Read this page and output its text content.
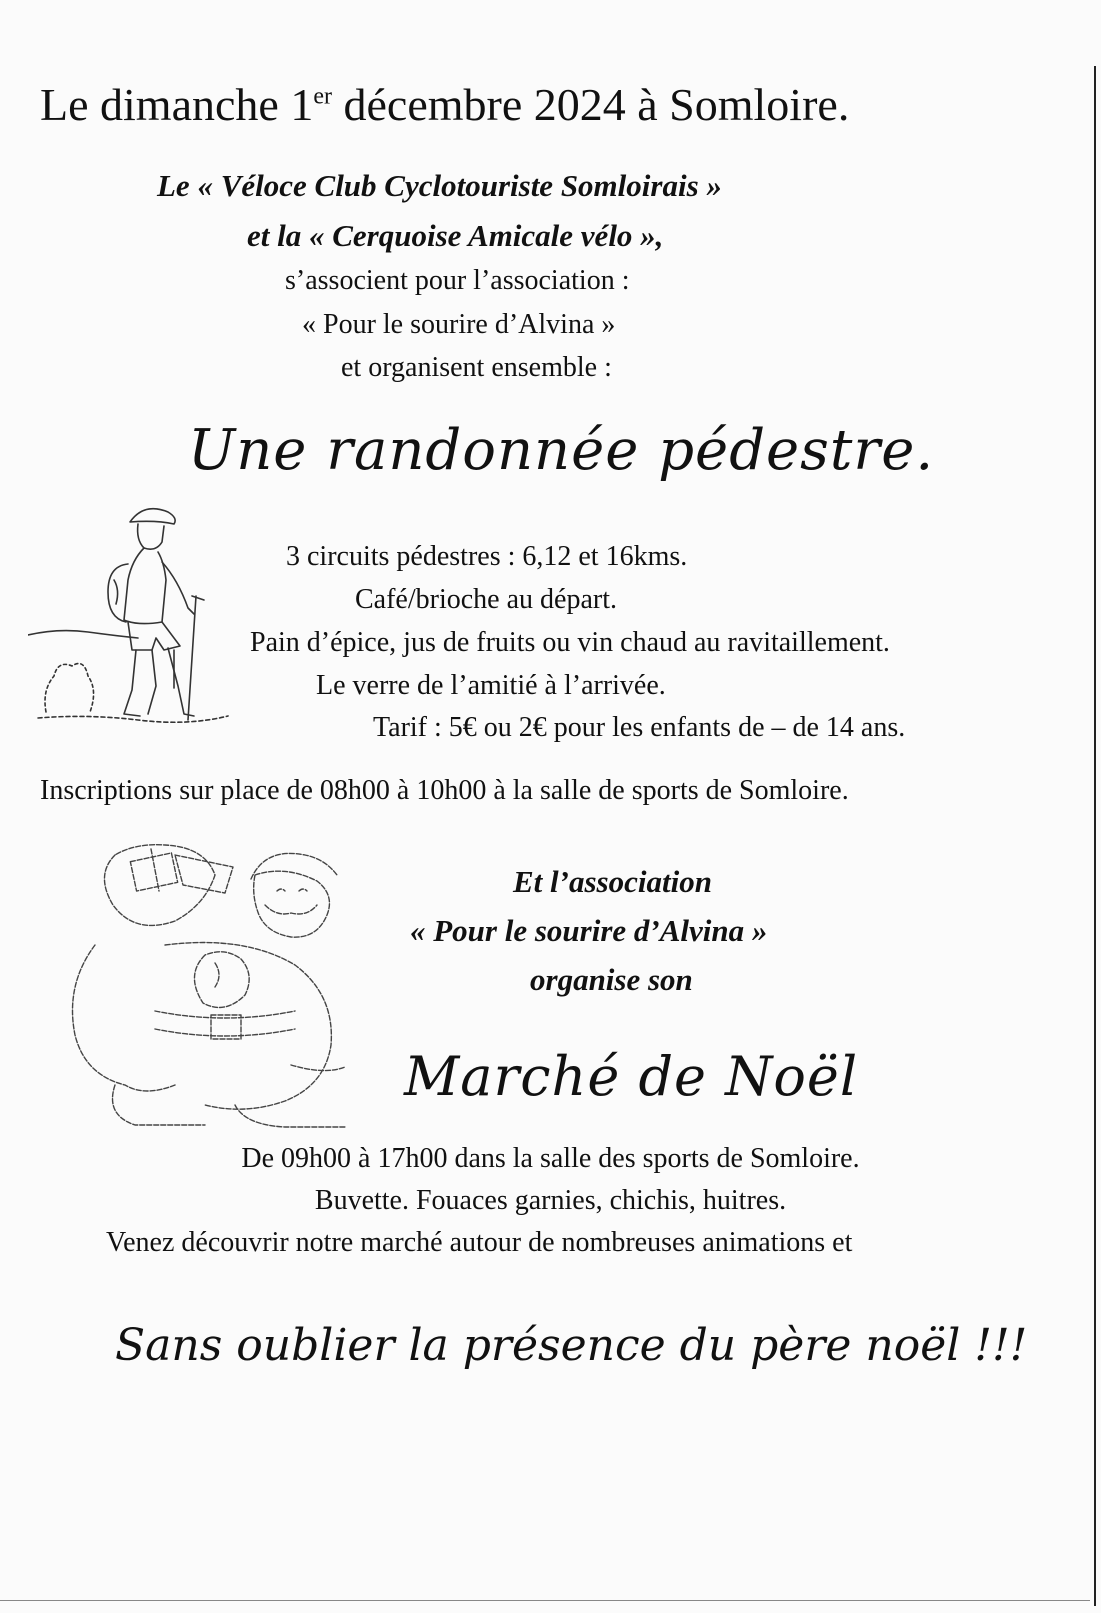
Le dimanche 1er décembre 2024 à Somloire.

Le « Véloce Club Cyclotouriste Somloirais »

et la « Cerquoise Amicale vélo »,

s’associent pour l’association :

« Pour le sourire d’Alvina »

et organisent ensemble :

Une randonnée pédestre.

3 circuits pédestres : 6,12 et 16kms.

Café/brioche au départ.

Pain d’épice, jus de fruits ou vin chaud au ravitaillement.

Le verre de l’amitié à l’arrivée.

Tarif : 5€ ou 2€ pour les enfants de – de 14 ans.

Inscriptions sur place de 08h00 à 10h00 à la salle de sports de Somloire.

Et l’association

« Pour le sourire d’Alvina »

organise son

Marché de Noël

De 09h00 à 17h00 dans la salle des sports de Somloire.

Buvette. Fouaces garnies, chichis, huitres.

Venez découvrir notre marché autour de nombreuses animations et

Sans oublier la présence du père noël !!!
